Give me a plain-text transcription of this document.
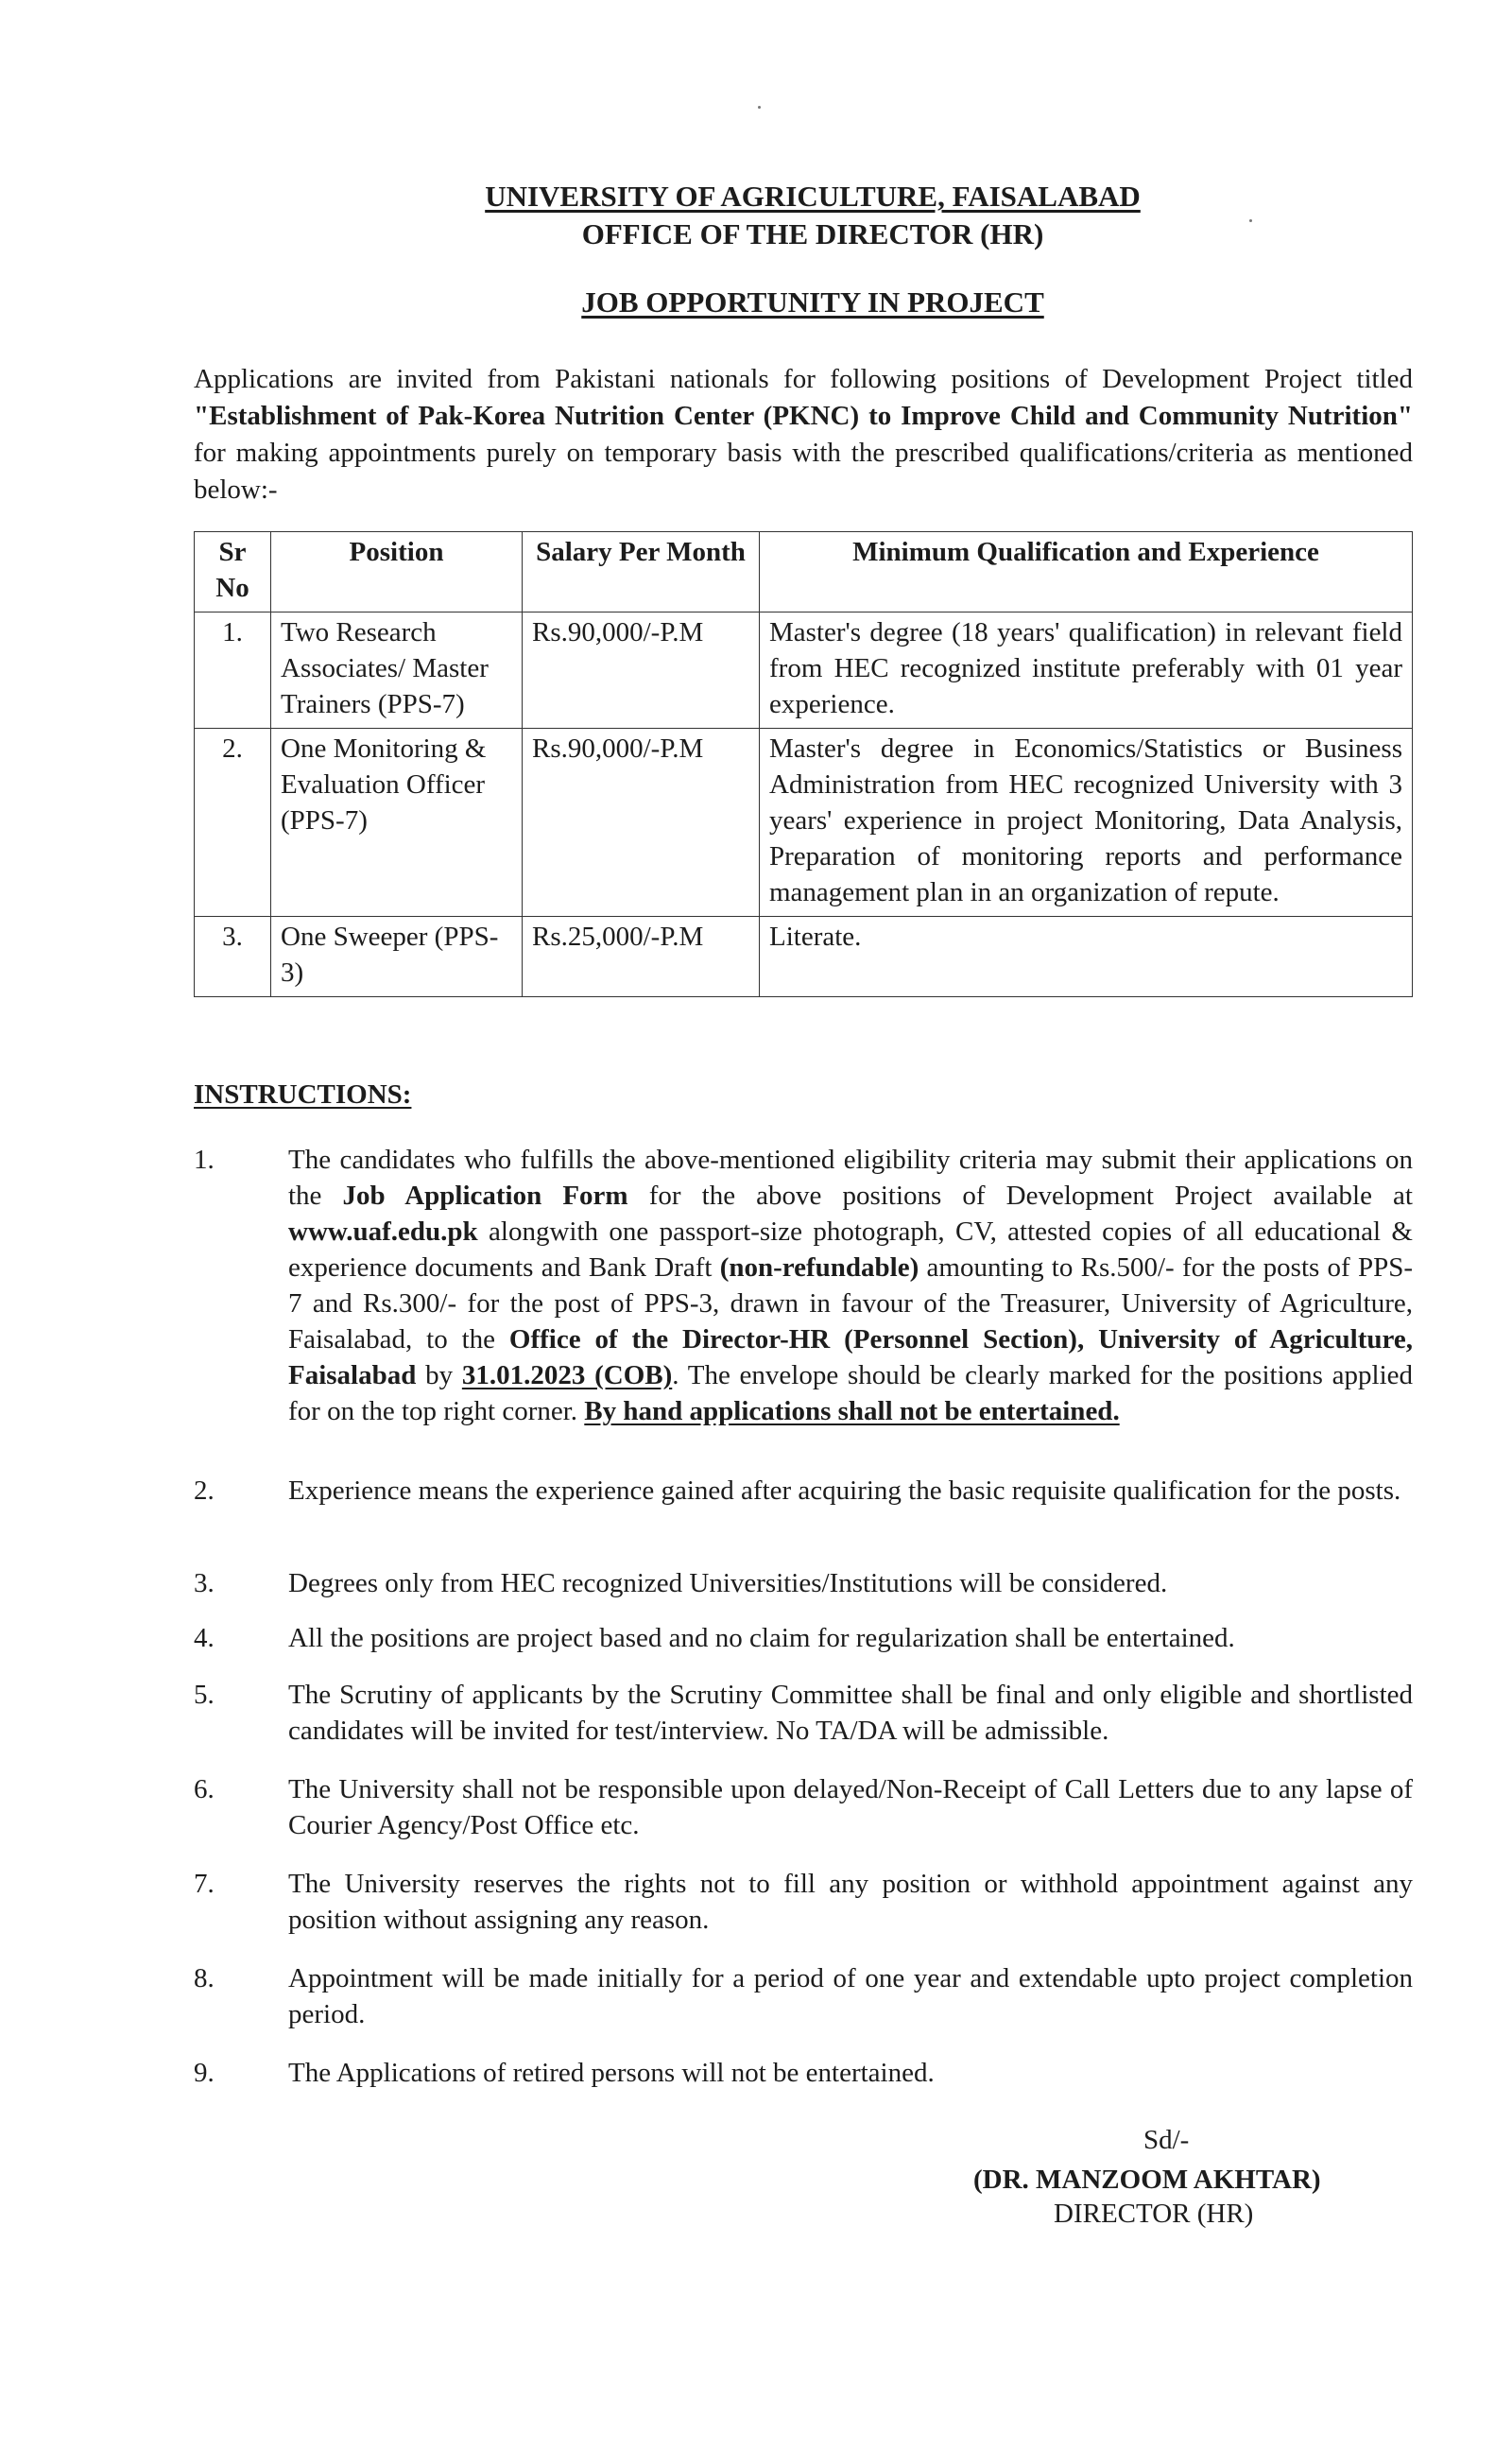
UNIVERSITY OF AGRICULTURE, FAISALABAD
OFFICE OF THE DIRECTOR (HR)
JOB OPPORTUNITY IN PROJECT
Applications are invited from Pakistani nationals for following positions of Development Project titled "Establishment of Pak-Korea Nutrition Center (PKNC) to Improve Child and Community Nutrition" for making appointments purely on temporary basis with the prescribed qualifications/criteria as mentioned below:-
Sr No	Position	Salary Per Month	Minimum Qualification and Experience
1.	Two Research Associates/ Master Trainers (PPS-7)	Rs.90,000/-P.M	Master's degree (18 years' qualification) in relevant field from HEC recognized institute preferably with 01 year experience.
2.	One Monitoring & Evaluation Officer (PPS-7)	Rs.90,000/-P.M	Master's degree in Economics/Statistics or Business Administration from HEC recognized University with 3 years' experience in project Monitoring, Data Analysis, Preparation of monitoring reports and performance management plan in an organization of repute.
3.	One Sweeper (PPS-3)	Rs.25,000/-P.M	Literate.
INSTRUCTIONS:
1.	The candidates who fulfills the above-mentioned eligibility criteria may submit their applications on the Job Application Form for the above positions of Development Project available at www.uaf.edu.pk alongwith one passport-size photograph, CV, attested copies of all educational & experience documents and Bank Draft (non-refundable) amounting to Rs.500/- for the posts of PPS-7 and Rs.300/- for the post of PPS-3, drawn in favour of the Treasurer, University of Agriculture, Faisalabad, to the Office of the Director-HR (Personnel Section), University of Agriculture, Faisalabad by 31.01.2023 (COB). The envelope should be clearly marked for the positions applied for on the top right corner. By hand applications shall not be entertained.
2.	Experience means the experience gained after acquiring the basic requisite qualification for the posts.
3.	Degrees only from HEC recognized Universities/Institutions will be considered.
4.	All the positions are project based and no claim for regularization shall be entertained.
5.	The Scrutiny of applicants by the Scrutiny Committee shall be final and only eligible and shortlisted candidates will be invited for test/interview. No TA/DA will be admissible.
6.	The University shall not be responsible upon delayed/Non-Receipt of Call Letters due to any lapse of Courier Agency/Post Office etc.
7.	The University reserves the rights not to fill any position or withhold appointment against any position without assigning any reason.
8.	Appointment will be made initially for a period of one year and extendable upto project completion period.
9.	The Applications of retired persons will not be entertained.
Sd/-
(DR. MANZOOM AKHTAR)
DIRECTOR (HR)
